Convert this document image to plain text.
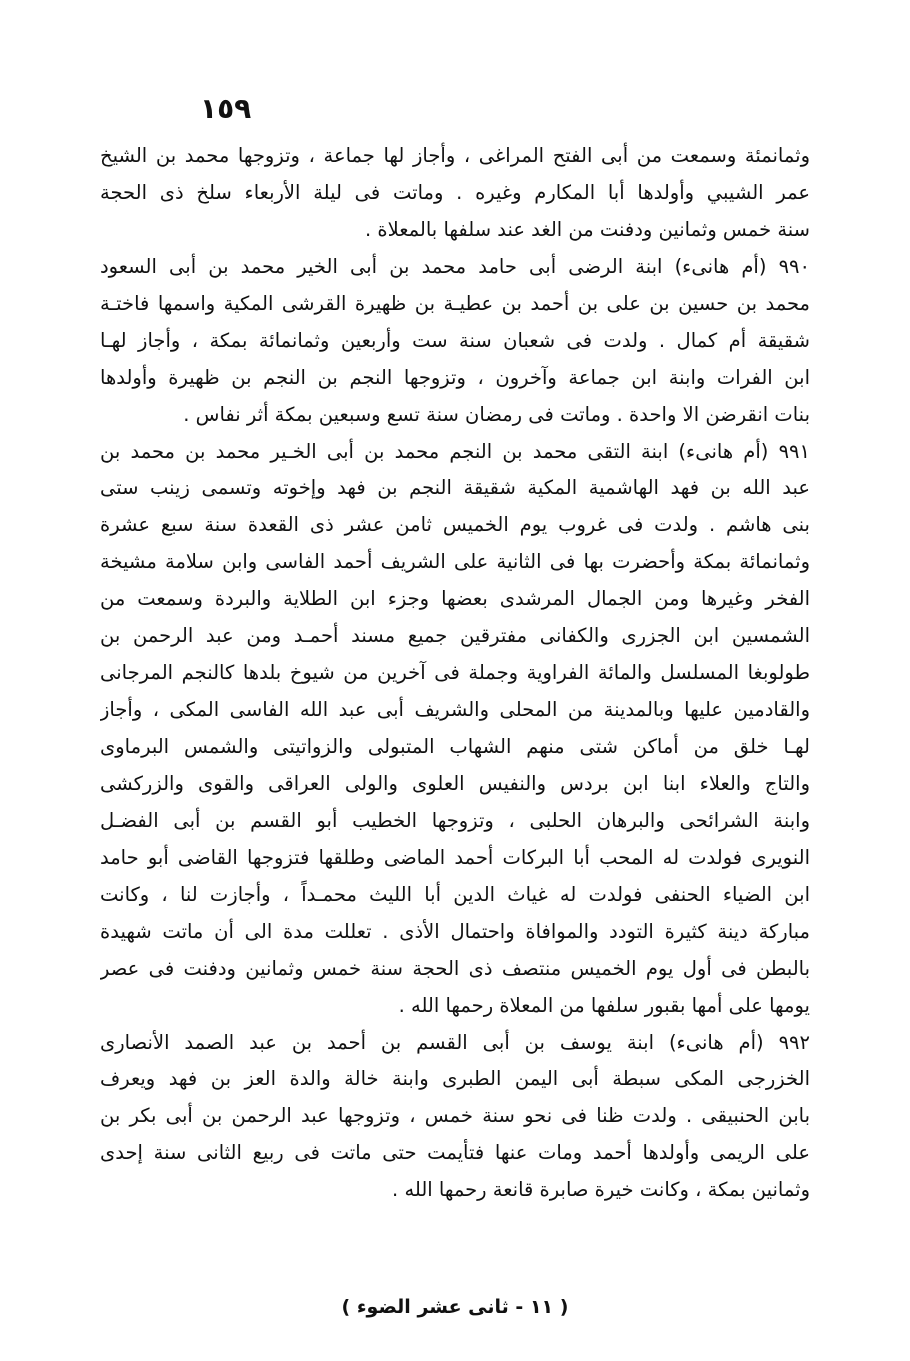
١٥٩
وثمانمئة وسمعت من أبى الفتح المراغى ، وأجاز لها جماعة ، وتزوجها محمد بن الشيخ
عمر الشيبي وأولدها أبا المكارم وغيره . وماتت فى ليلة الأربعاء سلخ ذى الحجة
سنة خمس وثمانين ودفنت من الغد عند سلفها بالمعلاة .
٩٩٠ (أم هانىء) ابنة الرضى أبى حامد محمد بن أبى الخير محمد بن أبى السعود
محمد بن حسين بن على بن أحمد بن عطيـة بن ظهيرة القرشى المكية واسمها فاختـة
شقيقة أم كمال . ولدت فى شعبان سنة ست وأربعين وثمانمائة بمكة ، وأجاز لهـا
ابن الفرات وابنة ابن جماعة وآخرون ، وتزوجها النجم بن النجم بن ظهيرة وأولدها
بنات انقرضن الا واحدة . وماتت فى رمضان سنة تسع وسبعين بمكة أثر نفاس .
٩٩١ (أم هانىء) ابنة التقى محمد بن النجم محمد بن أبى الخـير محمد بن محمد بن
عبد الله بن فهد الهاشمية المكية شقيقة النجم بن فهد وإخوته وتسمى زينب ستى
بنى هاشم . ولدت فى غروب يوم الخميس ثامن عشر ذى القعدة سنة سبع عشرة
وثمانمائة بمكة وأحضرت بها فى الثانية على الشريف أحمد الفاسى وابن سلامة مشيخة
الفخر وغيرها ومن الجمال المرشدى بعضها وجزء ابن الطلاية والبردة وسمعت من
الشمسين ابن الجزرى والكفانى مفترقين جميع مسند أحمـد ومن عبد الرحمن بن
طولوبغا المسلسل والمائة الفراوية وجملة فى آخرين من شيوخ بلدها كالنجم المرجانى
والقادمين عليها وبالمدينة من المحلى والشريف أبى عبد الله الفاسى المكى ، وأجاز
لهـا خلق من أماكن شتى منهم الشهاب المتبولى والزواتيتى والشمس البرماوى
والتاج والعلاء ابنا ابن بردس والنفيس العلوى والولى العراقى والقوى والزركشى
وابنة الشرائحى والبرهان الحلبى ، وتزوجها الخطيب أبو القسم بن أبى الفضـل
النويرى فولدت له المحب أبا البركات أحمد الماضى وطلقها فتزوجها القاضى أبو حامد
ابن الضياء الحنفى فولدت له غياث الدين أبا الليث محمـداً ، وأجازت لنا ، وكانت
مباركة دينة كثيرة التودد والموافاة واحتمال الأذى . تعللت مدة الى أن ماتت شهيدة
بالبطن فى أول يوم الخميس منتصف ذى الحجة سنة خمس وثمانين ودفنت فى عصر
يومها على أمها بقبور سلفها من المعلاة رحمها الله .
٩٩٢ (أم هانىء) ابنة يوسف بن أبى القسم بن أحمد بن عبد الصمد الأنصارى
الخزرجى المكى سبطة أبى اليمن الطبرى وابنة خالة والدة العز بن فهد ويعرف
بابن الحنبيقى . ولدت ظنا فى نحو سنة خمس ، وتزوجها عبد الرحمن بن أبى بكر بن
على الريمى وأولدها أحمد ومات عنها فتأيمت حتى ماتت فى ربيع الثانى سنة إحدى
وثمانين بمكة ، وكانت خيرة صابرة قانعة رحمها الله .
( ١١ - ثانى عشر الضوء )
